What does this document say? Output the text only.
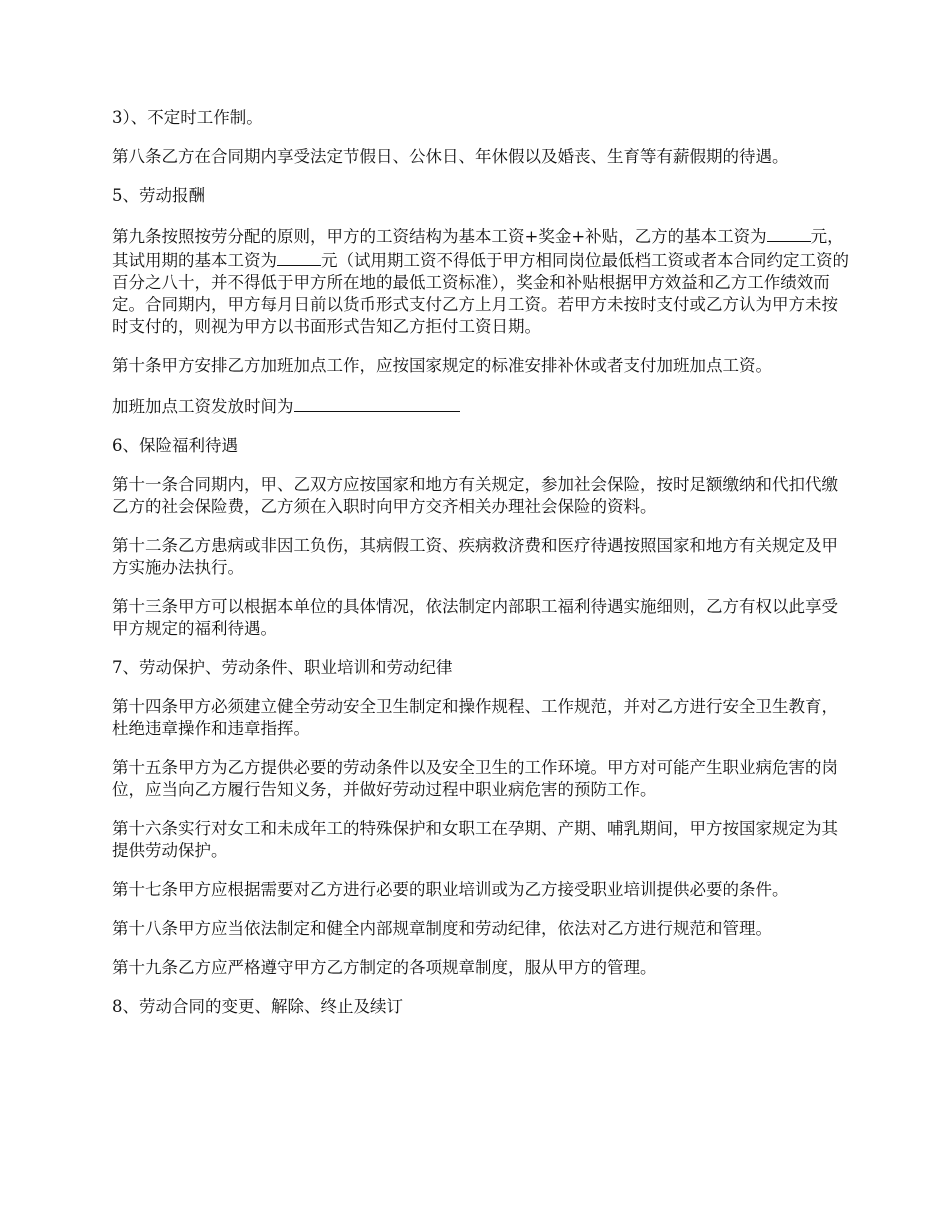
3）、不定时工作制。

第八条乙方在合同期内享受法定节假日、公休日、年休假以及婚丧、生育等有薪假期的待遇。

5、劳动报酬

第九条按照按劳分配的原则，甲方的工资结构为基本工资+奖金+补贴，乙方的基本工资为	元，其试用期的基本工资为	元（试用期工资不得低于甲方相同岗位最低档工资或者本合同约定工资的百分之八十，并不得低于甲方所在地的最低工资标准），奖金和补贴根据甲方效益和乙方工作绩效而定。合同期内，甲方每月日前以货币形式支付乙方上月工资。若甲方未按时支付或乙方认为甲方未按时支付的，则视为甲方以书面形式告知乙方拒付工资日期。

第十条甲方安排乙方加班加点工作，应按国家规定的标准安排补休或者支付加班加点工资。

加班加点工资发放时间为

6、保险福利待遇

第十一条合同期内，甲、乙双方应按国家和地方有关规定，参加社会保险，按时足额缴纳和代扣代缴乙方的社会保险费，乙方须在入职时向甲方交齐相关办理社会保险的资料。

第十二条乙方患病或非因工负伤，其病假工资、疾病救济费和医疗待遇按照国家和地方有关规定及甲方实施办法执行。

第十三条甲方可以根据本单位的具体情况，依法制定内部职工福利待遇实施细则，乙方有权以此享受甲方规定的福利待遇。

7、劳动保护、劳动条件、职业培训和劳动纪律

第十四条甲方必须建立健全劳动安全卫生制定和操作规程、工作规范，并对乙方进行安全卫生教育，杜绝违章操作和违章指挥。

第十五条甲方为乙方提供必要的劳动条件以及安全卫生的工作环境。甲方对可能产生职业病危害的岗位，应当向乙方履行告知义务，并做好劳动过程中职业病危害的预防工作。

第十六条实行对女工和未成年工的特殊保护和女职工在孕期、产期、哺乳期间，甲方按国家规定为其提供劳动保护。

第十七条甲方应根据需要对乙方进行必要的职业培训或为乙方接受职业培训提供必要的条件。

第十八条甲方应当依法制定和健全内部规章制度和劳动纪律，依法对乙方进行规范和管理。

第十九条乙方应严格遵守甲方乙方制定的各项规章制度，服从甲方的管理。

8、劳动合同的变更、解除、终止及续订
